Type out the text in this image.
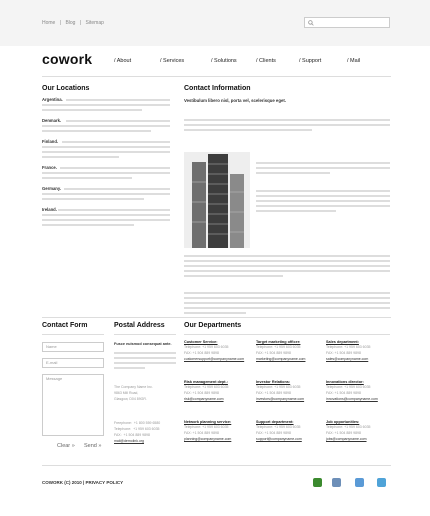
Home | Blog | Sitemap
cowork	/ About	/ Services	/ Solutions	/ Clients	/ Support	/ Mail
Our Locations
Argentina.
Denmark.
Finland.
France.
Germany.
Ireland.
Contact Information
Vestibulum libero nisl, porta vel, scelerisque eget.
Contact Form
Name
E-mail
Message
Clear » Send »
Postal Address
Fusce euismod consequat ante.
The Company Name Inc.
9863 Mill Road,
Glasgow, D04 89GR.
Freephone: +1 800 559 6580
Telephone: +1 959 603 6035
FAX: +1 504 889 9898
mail@demolink.org
Our Departments
Customer Service:
Telephone: +1 959 603 6035
FAX: +1 504 889 9898
customersupport@companyname.com
Target marketing officer:
Telephone: +1 959 603 6035
FAX: +1 504 889 9898
marketing@companyname.com
Sales department:
Telephone: +1 959 603 6035
FAX: +1 504 889 9898
sales@companyname.com
Risk management dept.:
Telephone: +1 959 603 6035
FAX: +1 504 889 9898
risk@companyname.com
Investor Relations:
Telephone: +1 959 603 6035
FAX: +1 504 889 9898
investors@companyname.com
Innovations director:
Telephone: +1 959 603 6035
FAX: +1 504 889 9898
innovations@companyname.com
Network planning service:
Telephone: +1 959 603 6035
FAX: +1 504 889 9898
planning@companyname.com
Support department:
Telephone: +1 959 603 6035
FAX: +1 504 889 9898
support@companyname.com
Job opportunities:
Telephone: +1 959 603 6035
FAX: +1 504 889 9898
jobs@companyname.com
COWORK (C) 2010 | PRIVACY POLICY
